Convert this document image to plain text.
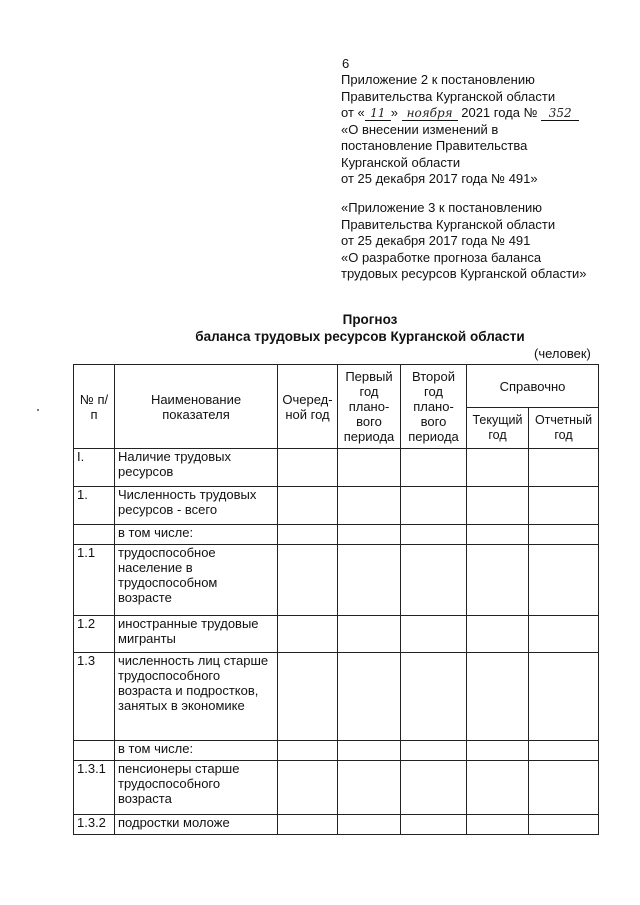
6
Приложение 2 к постановлению
Правительства Курганской области
от « 11 » ноября 2021 года № 352
«О внесении изменений в
постановление Правительства
Курганской области
от 25 декабря 2017 года № 491»
«Приложение 3 к постановлению
Правительства Курганской области
от 25 декабря 2017 года № 491
«О разработке прогноза баланса
трудовых ресурсов Курганской области»
Прогноз
баланса трудовых ресурсов Курганской области
(человек)
№ п/п	Наименование показателя	Очеред-ной год	Первый год плано-вого периода	Второй год плано-вого периода	Справочно	
					Текущий год	Отчетный год
I.	Наличие трудовых ресурсов					
1.	Численность трудовых ресурсов - всего					
	в том числе:					
1.1	трудоспособное население в трудоспособном возрасте					
1.2	иностранные трудовые мигранты					
1.3	численность лиц старше трудоспособного возраста и подростков, занятых в экономике					
	в том числе:					
1.3.1	пенсионеры старше трудоспособного возраста					
1.3.2	подростки моложе					
